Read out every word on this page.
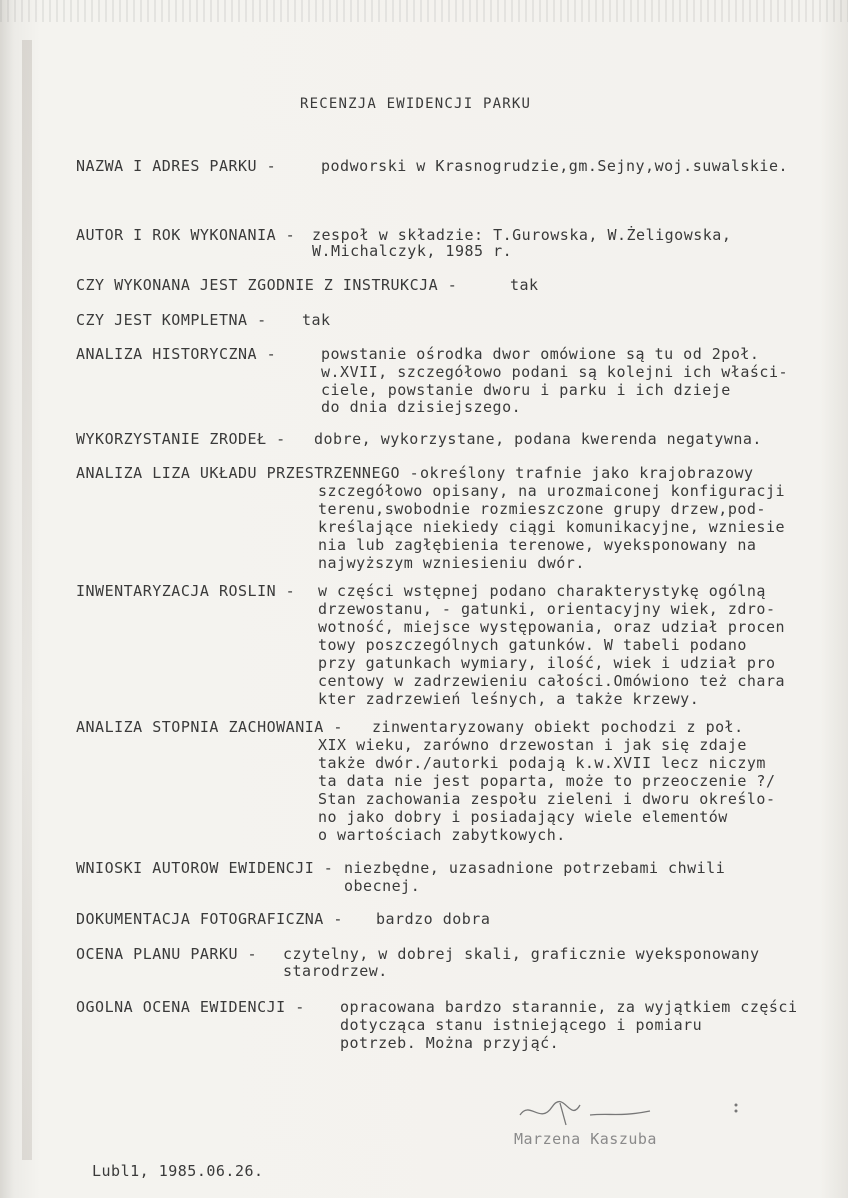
RECENZJA EWIDENCJI PARKU
NAZWA I ADRES PARKU -	podworski w Krasnogrudzie,gm.Sejny,woj.suwalskie.
AUTOR I ROK WYKONANIA - zespoł w składzie: T.Gurowska, W.Żeligowska,
W.Michalczyk, 1985 r.
CZY WYKONANA JEST ZGODNIE Z INSTRUKCJA -	tak
CZY JEST KOMPLETNA - tak
ANALIZA HISTORYCZNA -	powstanie ośrodka dwor omówione są tu od 2poł.
w.XVII, szczegółowo podani są kolejni ich właści-
ciele, powstanie dworu i parku i ich dzieje
do dnia dzisiejszego.
WYKORZYSTANIE ZRODEŁ - dobre, wykorzystane, podana kwerenda negatywna.
ANALIZA LIZA UKŁADU PRZESTRZENNEGO - określony trafnie jako krajobrazowy
szczegółowo opisany, na urozmaiconej konfiguracji
terenu,swobodnie rozmieszczone grupy drzew,pod-
kreślające niekiedy ciągi komunikacyjne, wzniesie
nia lub zagłębienia terenowe, wyeksponowany na
najwyższym wzniesieniu dwór.
INWENTARYZACJA ROSLIN - w części wstępnej podano charakterystykę ogólną
drzewostanu, - gatunki, orientacyjny wiek, zdro-
wotność, miejsce występowania, oraz udział procen
towy poszczególnych gatunków. W tabeli podano
przy gatunkach wymiary, ilość, wiek i udział pro
centowy w zadrzewieniu całości.Omówiono też chara
kter zadrzewień leśnych, a także krzewy.
ANALIZA STOPNIA ZACHOWANIA - zinwentaryzowany obiekt pochodzi z poł.
XIX wieku, zarówno drzewostan i jak się zdaje
także dwór./autorki podają k.w.XVII lecz niczym
ta data nie jest poparta, może to przeoczenie ?/
Stan zachowania zespołu zieleni i dworu określo-
no jako dobry i posiadający wiele elementów
o wartościach zabytkowych.
WNIOSKI AUTOROW EWIDENCJI - niezbędne, uzasadnione potrzebami chwili
obecnej.
DOKUMENTACJA FOTOGRAFICZNA - bardzo dobra
OCENA PLANU PARKU - czytelny, w dobrej skali, graficznie wyeksponowany
starodrzew.
OGOLNA OCENA EWIDENCJI - opracowana bardzo starannie, za wyjątkiem części
dotycząca stanu istniejącego i pomiaru
potrzeb. Można przyjąć.
Marzena Kaszuba
Lubl1, 1985.06.26.
